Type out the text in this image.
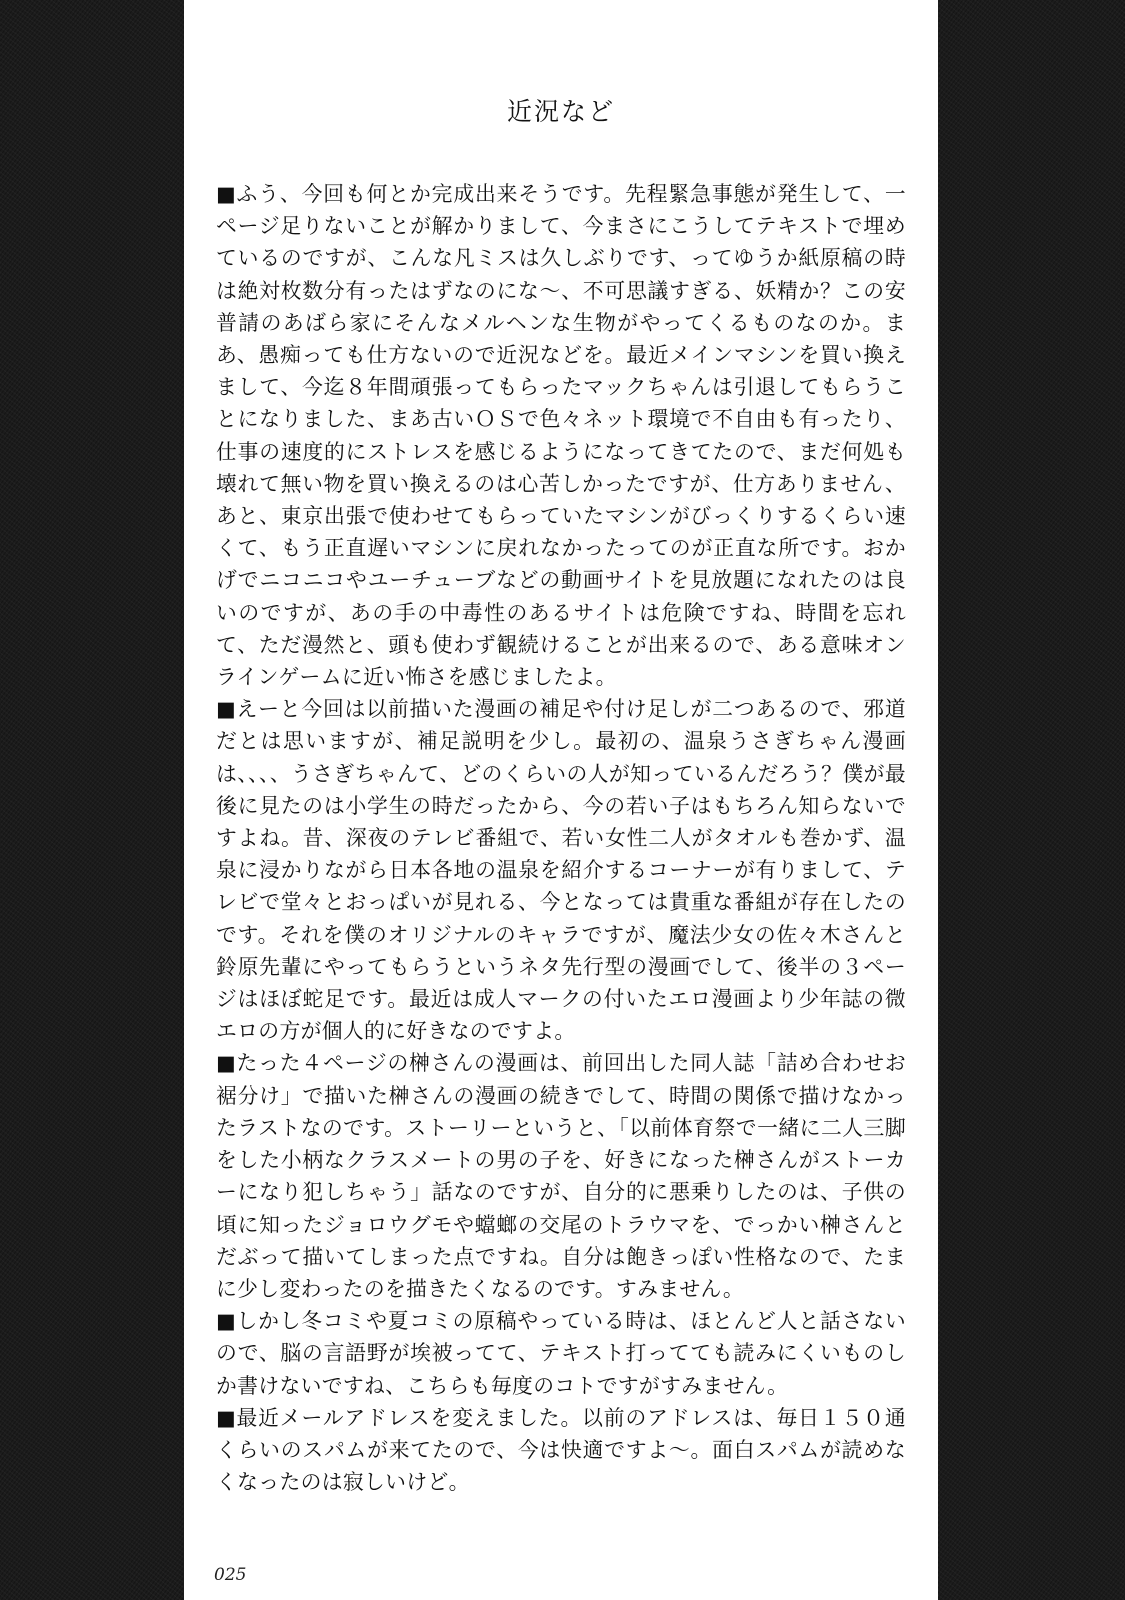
近況など

■ふう、今回も何とか完成出来そうです。先程緊急事態が発生して、一ページ足りないことが解かりまして、今まさにこうしてテキストで埋めているのですが、こんな凡ミスは久しぶりです、ってゆうか紙原稿の時は絶対枚数分有ったはずなのにな～、不可思議すぎる、妖精か？この安普請のあばら家にそんなメルヘンな生物がやってくるものなのか。まあ、愚痴っても仕方ないので近況などを。最近メインマシンを買い換えまして、今迄８年間頑張ってもらったマックちゃんは引退してもらうことになりました、まあ古いＯＳで色々ネット環境で不自由も有ったり、仕事の速度的にストレスを感じるようになってきてたので、まだ何処も壊れて無い物を買い換えるのは心苦しかったですが、仕方ありません、あと、東京出張で使わせてもらっていたマシンがびっくりするくらい速くて、もう正直遅いマシンに戻れなかったってのが正直な所です。おかげでニコニコやユーチューブなどの動画サイトを見放題になれたのは良いのですが、あの手の中毒性のあるサイトは危険ですね、時間を忘れて、ただ漫然と、頭も使わず観続けることが出来るので、ある意味オンラインゲームに近い怖さを感じましたよ。

■えーと今回は以前描いた漫画の補足や付け足しが二つあるので、邪道だとは思いますが、補足説明を少し。最初の、温泉うさぎちゃん漫画は、、、、うさぎちゃんて、どのくらいの人が知っているんだろう？僕が最後に見たのは小学生の時だったから、今の若い子はもちろん知らないですよね。昔、深夜のテレビ番組で、若い女性二人がタオルも巻かず、温泉に浸かりながら日本各地の温泉を紹介するコーナーが有りまして、テレビで堂々とおっぱいが見れる、今となっては貴重な番組が存在したのです。それを僕のオリジナルのキャラですが、魔法少女の佐々木さんと鈴原先輩にやってもらうというネタ先行型の漫画でして、後半の３ページはほぼ蛇足です。最近は成人マークの付いたエロ漫画より少年誌の微エロの方が個人的に好きなのですよ。

■たった４ページの榊さんの漫画は、前回出した同人誌「詰め合わせお裾分け」で描いた榊さんの漫画の続きでして、時間の関係で描けなかったラストなのです。ストーリーというと、「以前体育祭で一緒に二人三脚をした小柄なクラスメートの男の子を、好きになった榊さんがストーカーになり犯しちゃう」話なのですが、自分的に悪乗りしたのは、子供の頃に知ったジョロウグモや蟷螂の交尾のトラウマを、でっかい榊さんとだぶって描いてしまった点ですね。自分は飽きっぽい性格なので、たまに少し変わったのを描きたくなるのです。すみません。

■しかし冬コミや夏コミの原稿やっている時は、ほとんど人と話さないので、脳の言語野が埃被ってて、テキスト打ってても読みにくいものしか書けないですね、こちらも毎度のコトですがすみません。

■最近メールアドレスを変えました。以前のアドレスは、毎日１５０通くらいのスパムが来てたので、今は快適ですよ～。面白スパムが読めなくなったのは寂しいけど。

025
